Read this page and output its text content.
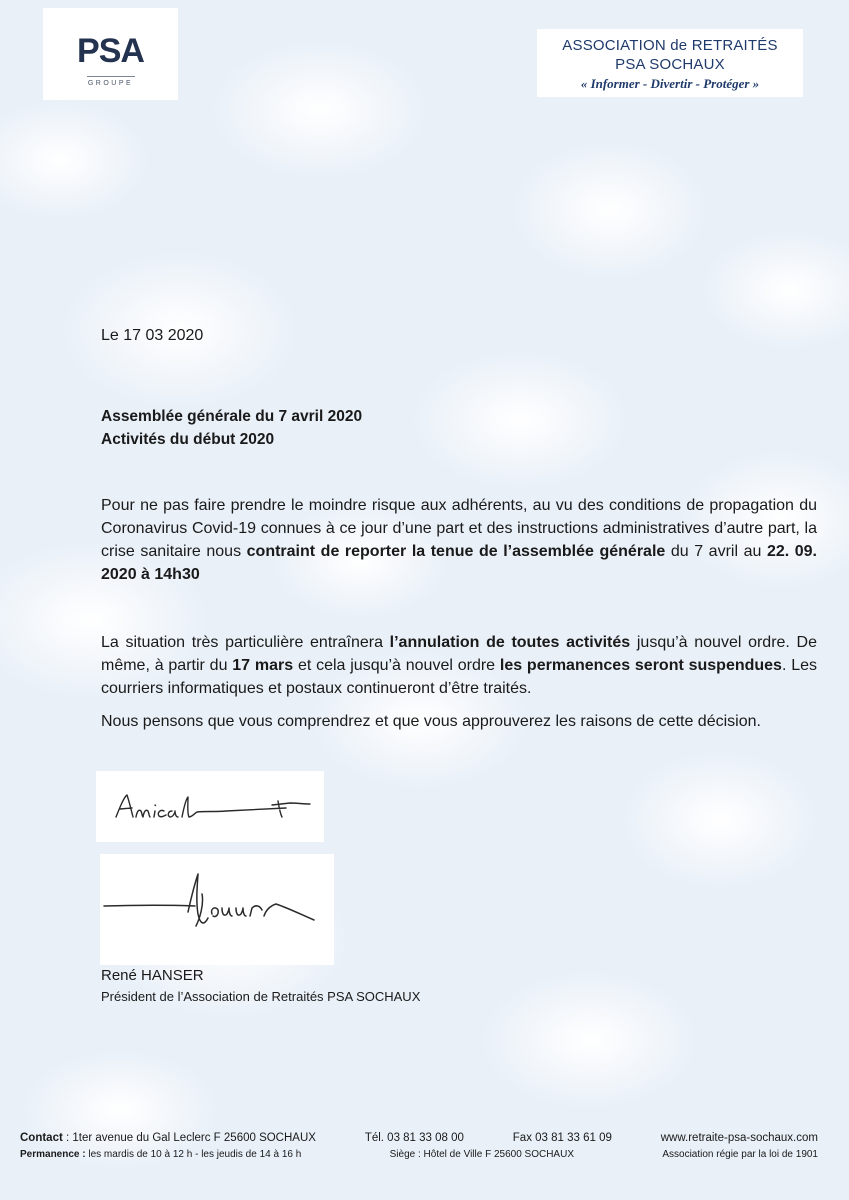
PSA
GROUPE
ASSOCIATION de RETRAITÉS
PSA SOCHAUX
« Informer - Divertir - Protéger »
Le 17 03 2020
Assemblée générale du 7 avril 2020
Activités du début 2020
Pour ne pas faire prendre le moindre risque aux adhérents, au vu des conditions de propagation du Coronavirus Covid-19 connues à ce jour d’une part et des instructions administratives d’autre part, la crise sanitaire nous contraint de reporter la tenue de l’assemblée générale du 7 avril au 22. 09. 2020 à 14h30
La situation très particulière entraînera l’annulation de toutes activités jusqu’à nouvel ordre. De même, à partir du 17 mars et cela jusqu’à nouvel ordre les permanences seront suspendues. Les courriers informatiques et postaux continueront d’être traités.
Nous pensons que vous comprendrez et que vous approuverez les raisons de cette décision.
René HANSER
Président de l’Association de Retraités PSA SOCHAUX
Contact : 1ter avenue du Gal Leclerc F 25600 SOCHAUX	Tél. 03 81 33 08 00	Fax 03 81 33 61 09	www.retraite-psa-sochaux.com
Permanence : les mardis de 10 à 12 h - les jeudis de 14 à 16 h	Siège : Hôtel de Ville F 25600 SOCHAUX	Association régie par la loi de 1901
